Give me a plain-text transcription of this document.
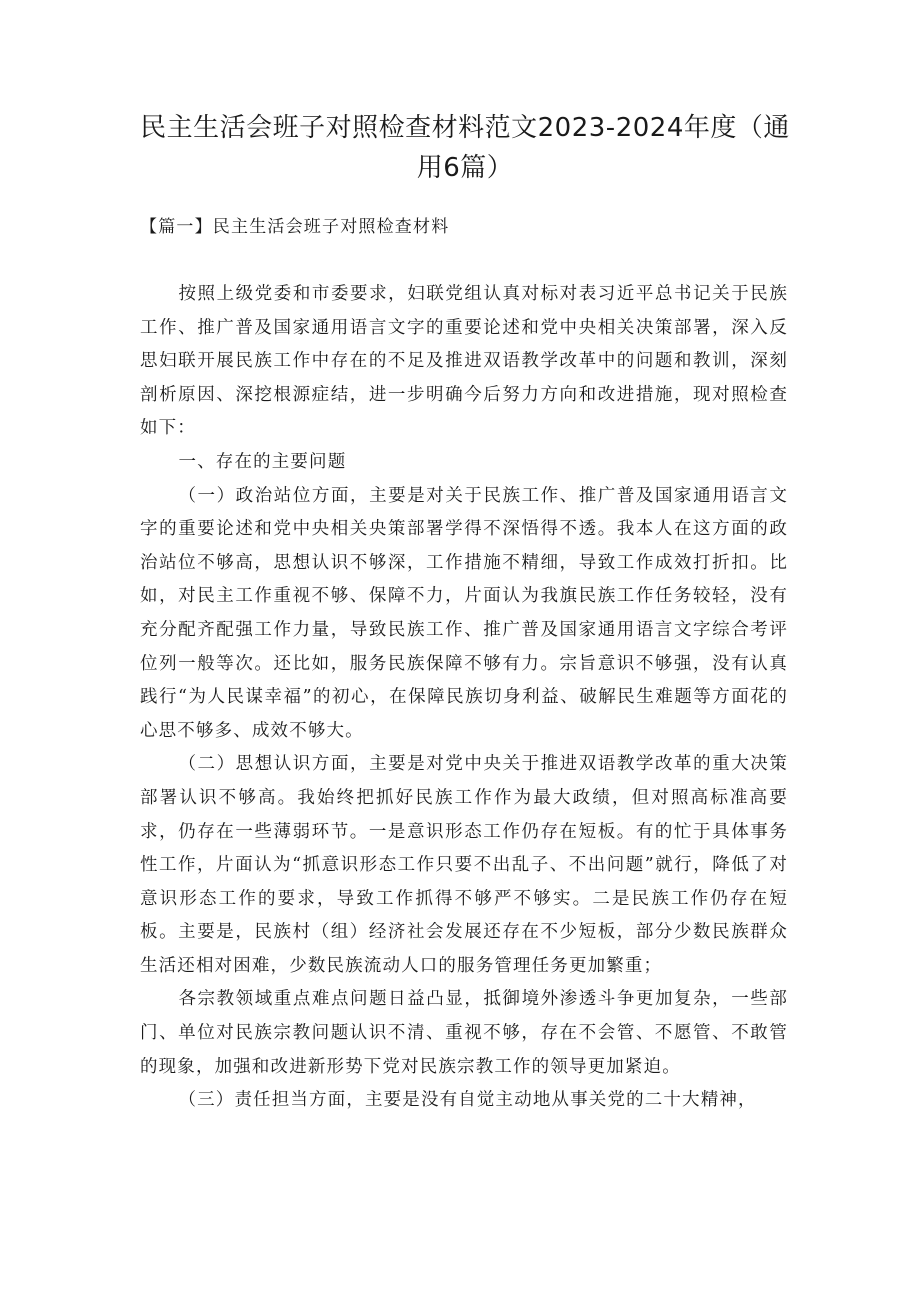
民主生活会班子对照检查材料范文2023-2024年度（通用6篇）
【篇一】民主生活会班子对照检查材料

按照上级党委和市委要求，妇联党组认真对标对表习近平总书记关于民族工作、推广普及国家通用语言文字的重要论述和党中央相关决策部署，深入反思妇联开展民族工作中存在的不足及推进双语教学改革中的问题和教训，深刻剖析原因、深挖根源症结，进一步明确今后努力方向和改进措施，现对照检查如下：

一、存在的主要问题

（一）政治站位方面，主要是对关于民族工作、推广普及国家通用语言文字的重要论述和党中央相关央策部署学得不深悟得不透。我本人在这方面的政治站位不够高，思想认识不够深，工作措施不精细，导致工作成效打折扣。比如，对民主工作重视不够、保障不力，片面认为我旗民族工作任务较轻，没有充分配齐配强工作力量，导致民族工作、推广普及国家通用语言文字综合考评位列一般等次。还比如，服务民族保障不够有力。宗旨意识不够强，没有认真践行“为人民谋幸福”的初心，在保障民族切身利益、破解民生难题等方面花的心思不够多、成效不够大。

（二）思想认识方面，主要是对党中央关于推进双语教学改革的重大决策部署认识不够高。我始终把抓好民族工作作为最大政绩，但对照高标准高要求，仍存在一些薄弱环节。一是意识形态工作仍存在短板。有的忙于具体事务性工作，片面认为“抓意识形态工作只要不出乱子、不出问题”就行，降低了对意识形态工作的要求，导致工作抓得不够严不够实。二是民族工作仍存在短板。主要是，民族村（组）经济社会发展还存在不少短板，部分少数民族群众生活还相对困难，少数民族流动人口的服务管理任务更加繁重；

各宗教领域重点难点问题日益凸显，抵御境外渗透斗争更加复杂，一些部门、单位对民族宗教问题认识不清、重视不够，存在不会管、不愿管、不敢管的现象，加强和改进新形势下党对民族宗教工作的领导更加紧迫。

（三）责任担当方面，主要是没有自觉主动地从事关党的二十大精神，
